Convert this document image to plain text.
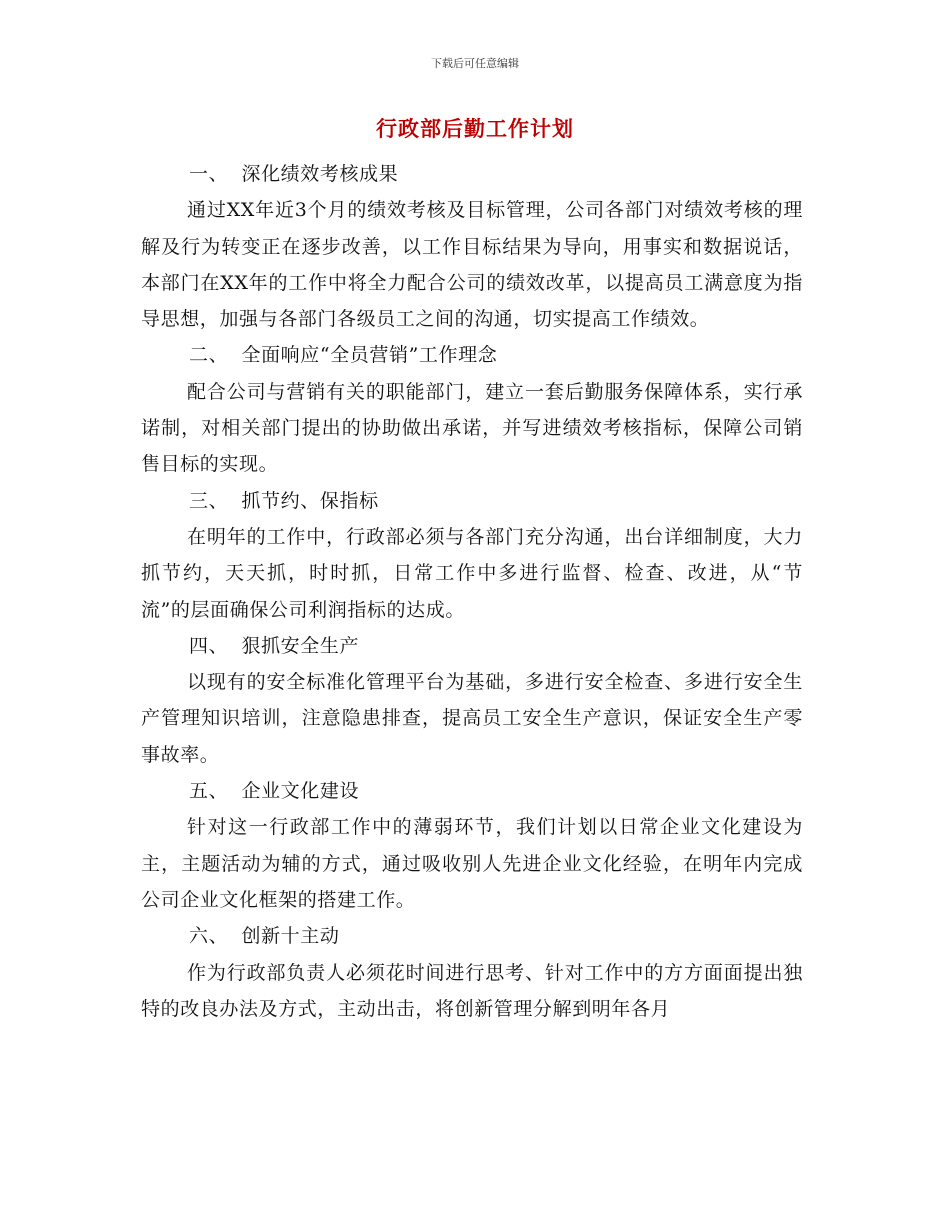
下载后可任意编辑
行政部后勤工作计划

一、  深化绩效考核成果

通过XX年近3个月的绩效考核及目标管理，公司各部门对绩效考核的理解及行为转变正在逐步改善，以工作目标结果为导向，用事实和数据说话，本部门在XX年的工作中将全力配合公司的绩效改革，以提高员工满意度为指导思想，加强与各部门各级员工之间的沟通，切实提高工作绩效。

二、  全面响应“全员营销”工作理念

配合公司与营销有关的职能部门，建立一套后勤服务保障体系，实行承诺制，对相关部门提出的协助做出承诺，并写进绩效考核指标，保障公司销售目标的实现。

三、  抓节约、保指标

在明年的工作中，行政部必须与各部门充分沟通，出台详细制度，大力抓节约，天天抓，时时抓，日常工作中多进行监督、检查、改进，从“节流”的层面确保公司利润指标的达成。

四、  狠抓安全生产

以现有的安全标准化管理平台为基础，多进行安全检查、多进行安全生产管理知识培训，注意隐患排查，提高员工安全生产意识，保证安全生产零事故率。

五、  企业文化建设

针对这一行政部工作中的薄弱环节，我们计划以日常企业文化建设为主，主题活动为辅的方式，通过吸收别人先进企业文化经验，在明年内完成公司企业文化框架的搭建工作。

六、  创新十主动

作为行政部负责人必须花时间进行思考、针对工作中的方方面面提出独特的改良办法及方式，主动出击，将创新管理分解到明年各月
